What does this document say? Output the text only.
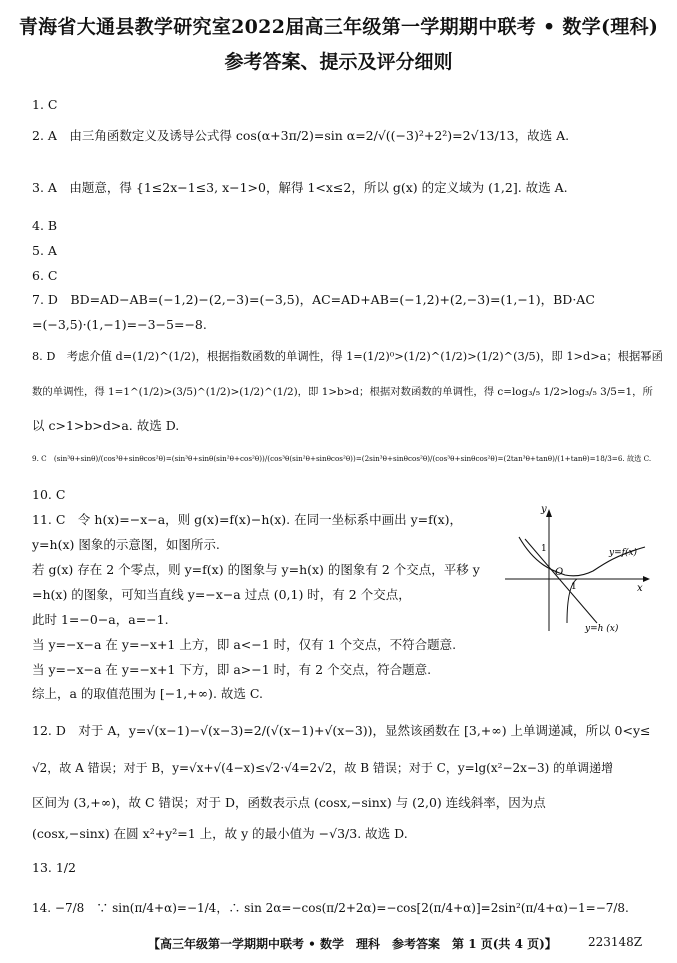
青海省大通县教学研究室2022届高三年级第一学期期中联考 • 数学(理科)
参考答案、提示及评分细则
1. C
2. A　由三角函数定义及诱导公式得 cos(α+3π/2)=sin α=2/√((−3)²+2²)=2√13/13，故选 A.
3. A　由题意，得 {1≤2x−1≤3, x−1>0，解得 1<x≤2，所以 g(x) 的定义域为 (1,2]. 故选 A.
4. B
5. A
6. C
7. D　BD=AD−AB=(−1,2)−(2,−3)=(−3,5)，AC=AD+AB=(−1,2)+(2,−3)=(1,−1)，BD·AC
=(−3,5)·(1,−1)=−3−5=−8.
8. D　考虑介值 d=(1/2)^(1/2)，根据指数函数的单调性，得 1=(1/2)⁰>(1/2)^(1/2)>(1/2)^(3/5)，即 1>d>a；根据幂函
数的单调性，得 1=1^(1/2)>(3/5)^(1/2)>(1/2)^(1/2)，即 1>b>d；根据对数函数的单调性，得 c=log₃/₅ 1/2>log₃/₅ 3/5=1，所
以 c>1>b>d>a. 故选 D.
9. C　(sin³θ+sinθ)/(cos³θ+sinθcos²θ)=(sin³θ+sinθ(sin²θ+cos²θ))/(cos³θ(sin²θ+sinθcos²θ))=(2sin³θ+sinθcos²θ)/(cos³θ+sinθcos²θ)=(2tan³θ+tanθ)/(1+tanθ)=18/3=6. 故选 C.
10. C
11. C　令 h(x)=−x−a，则 g(x)=f(x)−h(x). 在同一坐标系中画出 y=f(x)，
y=h(x) 图象的示意图，如图所示.
若 g(x) 存在 2 个零点，则 y=f(x) 的图象与 y=h(x) 的图象有 2 个交点，平移 y
=h(x) 的图象，可知当直线 y=−x−a 过点 (0,1) 时，有 2 个交点，
此时 1=−0−a，a=−1.
当 y=−x−a 在 y=−x+1 上方，即 a<−1 时，仅有 1 个交点，不符合题意.
当 y=−x−a 在 y=−x+1 下方，即 a>−1 时，有 2 个交点，符合题意.
综上，a 的取值范围为 [−1,+∞). 故选 C.
12. D　对于 A，y=√(x−1)−√(x−3)=2/(√(x−1)+√(x−3))，显然该函数在 [3,+∞) 上单调递减，所以 0<y≤
√2，故 A 错误；对于 B，y=√x+√(4−x)≤√2·√4=2√2，故 B 错误；对于 C，y=lg(x²−2x−3) 的单调递增
区间为 (3,+∞)，故 C 错误；对于 D，函数表示点 (cosx,−sinx) 与 (2,0) 连线斜率，因为点
(cosx,−sinx) 在圆 x²+y²=1 上，故 y 的最小值为 −√3/3. 故选 D.
13. 1/2
14. −7/8　∵ sin(π/4+α)=−1/4，∴ sin 2α=−cos(π/2+2α)=−cos[2(π/4+α)]=2sin²(π/4+α)−1=−7/8.
y
x
O
1
1
y=f(x)
y=h (x)
【高三年级第一学期期中联考 • 数学　理科　参考答案　第 1 页(共 4 页)】	223148Z
